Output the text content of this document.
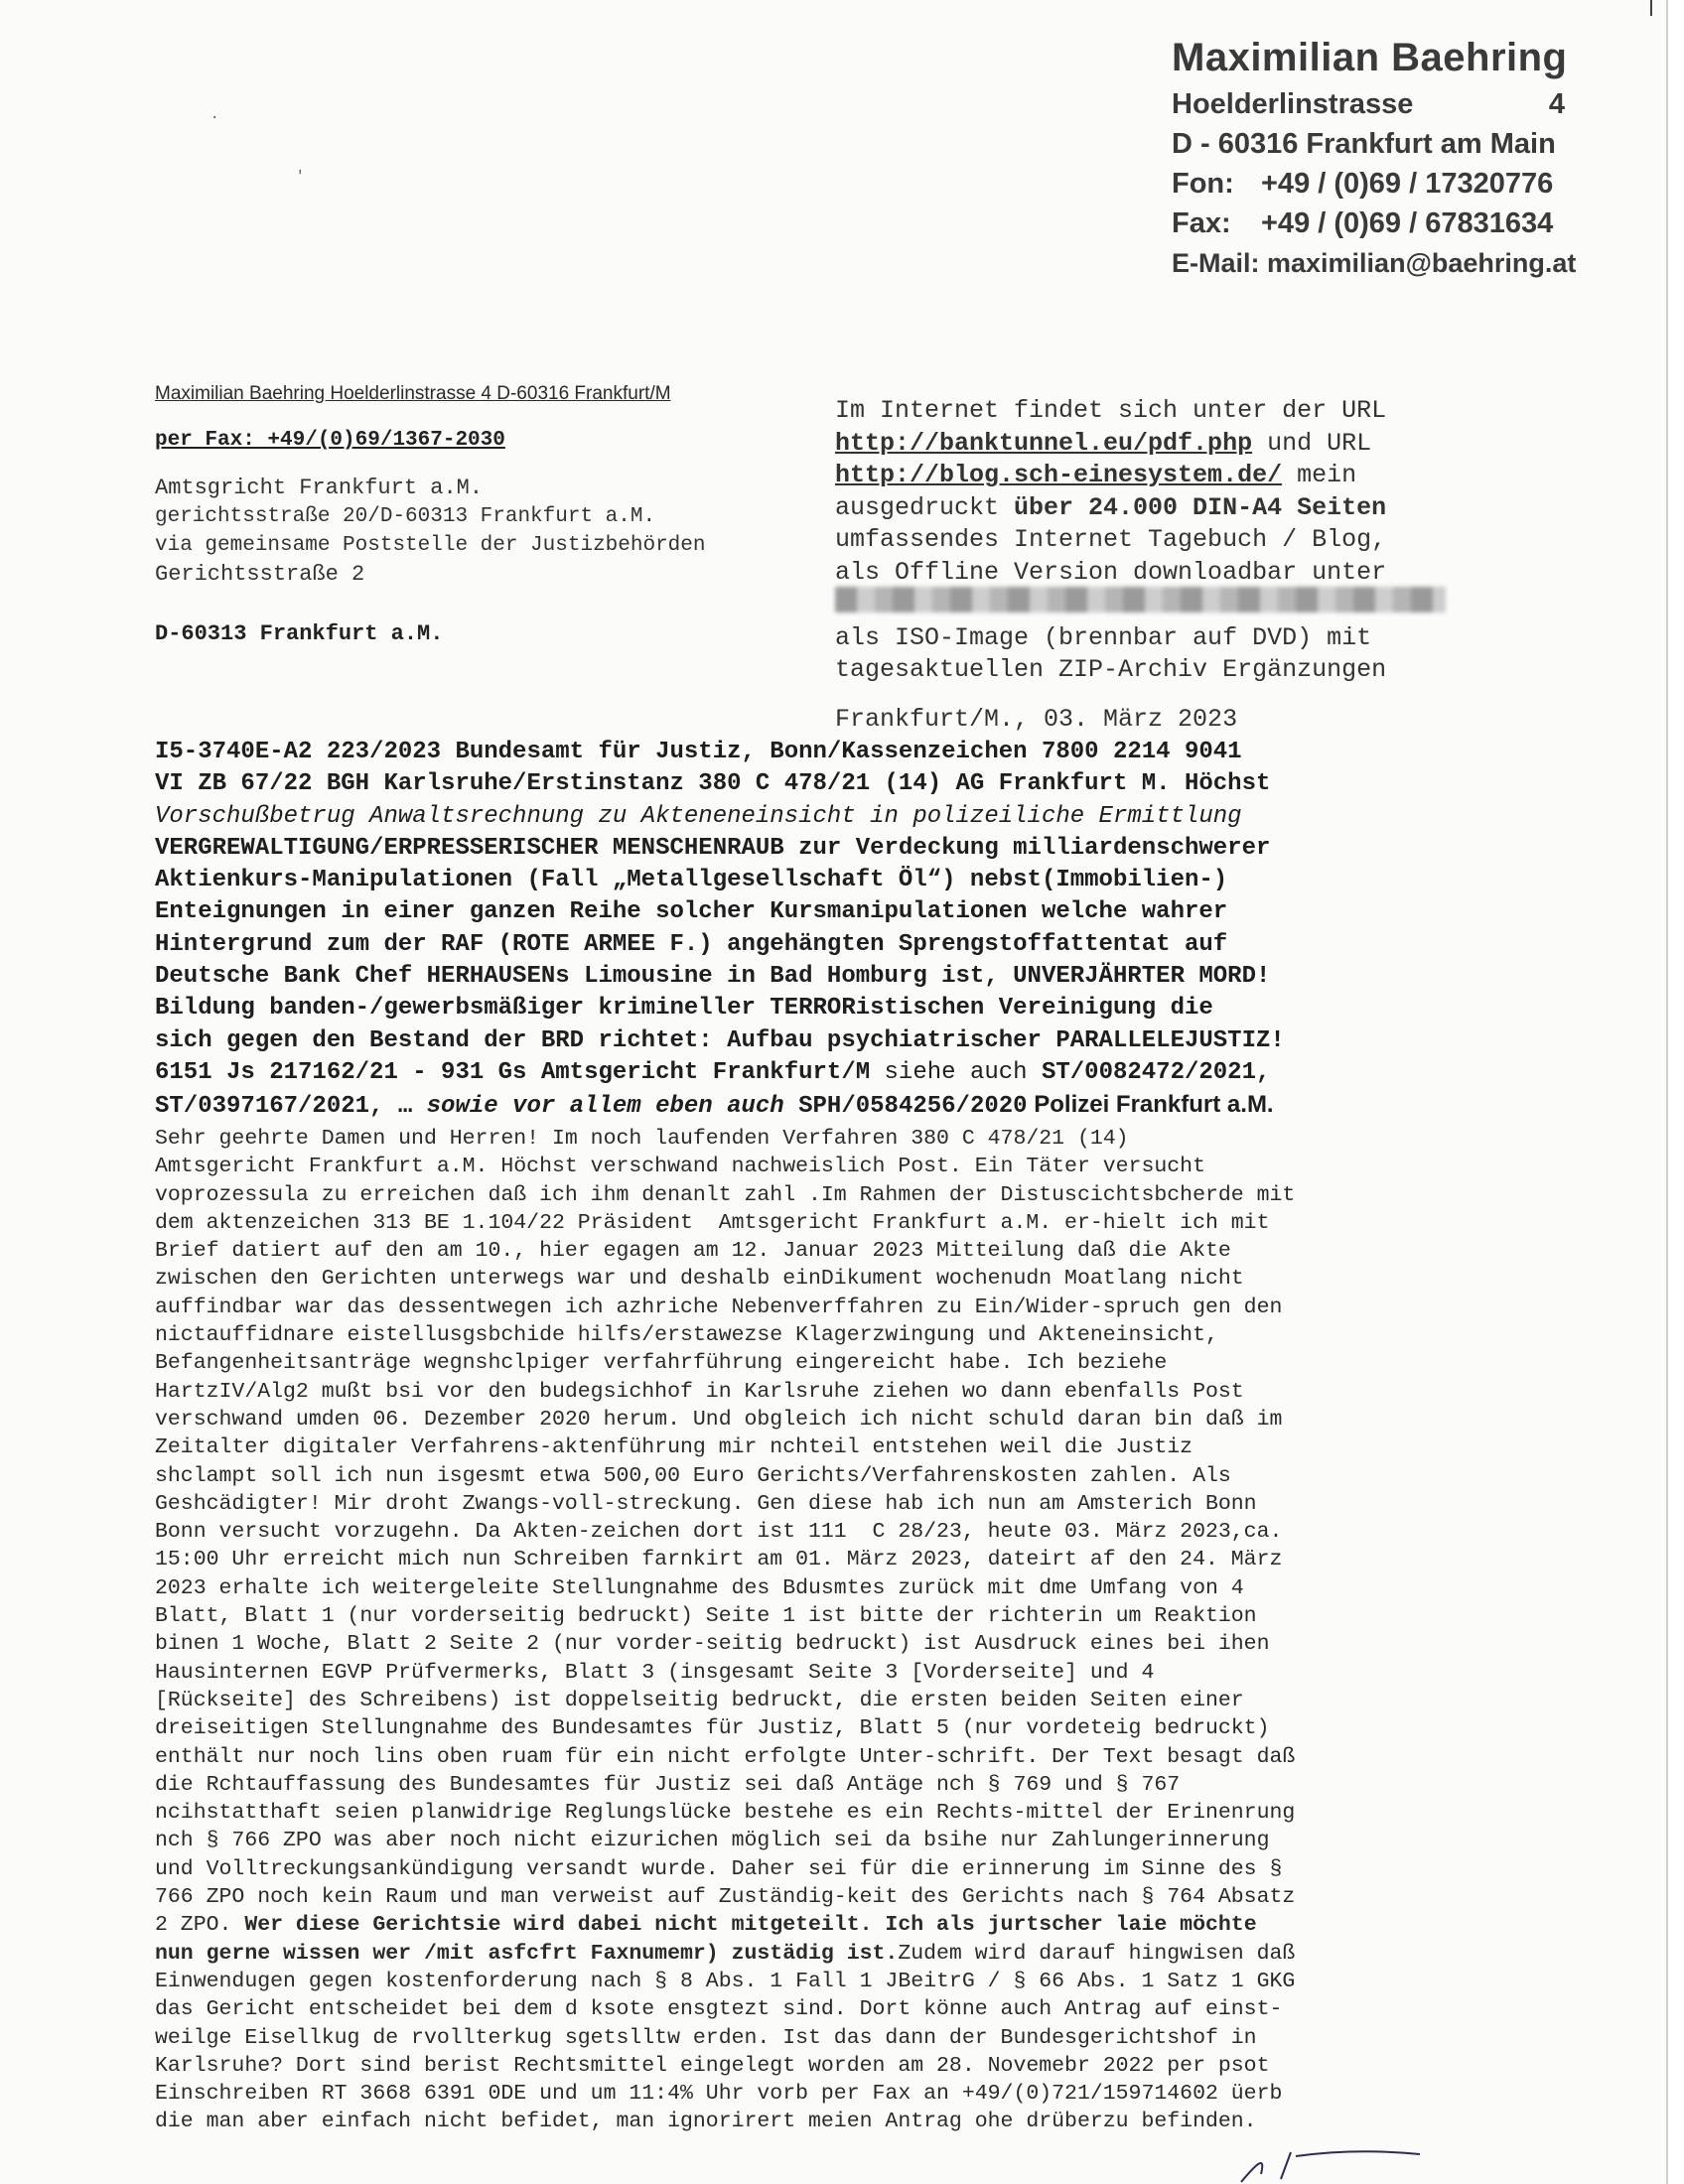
.
'
Maximilian Baehring
Hoelderlinstrasse	4
D - 60316 Frankfurt am Main
Fon: +49 / (0)69 / 17320776
Fax: +49 / (0)69 / 67831634
E-Mail: maximilian@baehring.at
Maximilian Baehring Hoelderlinstrasse 4 D-60316 Frankfurt/M
per Fax: +49/(0)69/1367-2030
Amtsgricht Frankfurt a.M.
gerichtsstraße 20/D-60313 Frankfurt a.M.
via gemeinsame Poststelle der Justizbehörden
Gerichtsstraße 2
D-60313 Frankfurt a.M.
Im Internet findet sich unter der URL
http://banktunnel.eu/pdf.php und URL
http://blog.sch-einesystem.de/ mein
ausgedruckt über 24.000 DIN-A4 Seiten
umfassendes Internet Tagebuch / Blog,
als Offline Version downloadbar unter
als ISO-Image (brennbar auf DVD) mit
tagesaktuellen ZIP-Archiv Ergänzungen
Frankfurt/M., 03. März 2023
I5-3740E-A2 223/2023 Bundesamt für Justiz, Bonn/Kassenzeichen 7800 2214 9041
VI ZB 67/22 BGH Karlsruhe/Erstinstanz 380 C 478/21 (14) AG Frankfurt M. Höchst
Vorschußbetrug Anwaltsrechnung zu Akteneneinsicht in polizeiliche Ermittlung
VERGREWALTIGUNG/ERPRESSERISCHER MENSCHENRAUB zur Verdeckung milliardenschwerer
Aktienkurs-Manipulationen (Fall „Metallgesellschaft Öl“) nebst(Immobilien-)
Enteignungen in einer ganzen Reihe solcher Kursmanipulationen welche wahrer
Hintergrund zum der RAF (ROTE ARMEE F.) angehängten Sprengstoffattentat auf
Deutsche Bank Chef HERHAUSENs Limousine in Bad Homburg ist, UNVERJÄHRTER MORD!
Bildung banden-/gewerbsmäßiger krimineller TERRORistischen Vereinigung die
sich gegen den Bestand der BRD richtet: Aufbau psychiatrischer PARALLELEJUSTIZ!
6151 Js 217162/21 - 931 Gs Amtsgericht Frankfurt/M siehe auch ST/0082472/2021,
ST/0397167/2021, … sowie vor allem eben auch SPH/0584256/2020 Polizei Frankfurt a.M.
Sehr geehrte Damen und Herren! Im noch laufenden Verfahren 380 C 478/21 (14)
Amtsgericht Frankfurt a.M. Höchst verschwand nachweislich Post. Ein Täter versucht
voprozessula zu erreichen daß ich ihm denanlt zahl .Im Rahmen der Distuscichtsbcherde mit
dem aktenzeichen 313 BE 1.104/22 Präsident  Amtsgericht Frankfurt a.M. er-hielt ich mit
Brief datiert auf den am 10., hier egagen am 12. Januar 2023 Mitteilung daß die Akte
zwischen den Gerichten unterwegs war und deshalb einDikument wochenudn Moatlang nicht
auffindbar war das dessentwegen ich azhriche Nebenverffahren zu Ein/Wider-spruch gen den
nictauffidnare eistellusgsbchide hilfs/erstawezse Klagerzwingung und Akteneinsicht,
Befangenheitsanträge wegnshclpiger verfahrführung eingereicht habe. Ich beziehe
HartzIV/Alg2 mußt bsi vor den budegsichhof in Karlsruhe ziehen wo dann ebenfalls Post
verschwand umden 06. Dezember 2020 herum. Und obgleich ich nicht schuld daran bin daß im
Zeitalter digitaler Verfahrens-aktenführung mir nchteil entstehen weil die Justiz
shclampt soll ich nun isgesmt etwa 500,00 Euro Gerichts/Verfahrenskosten zahlen. Als
Geshcädigter! Mir droht Zwangs-voll-streckung. Gen diese hab ich nun am Amsterich Bonn
Bonn versucht vorzugehn. Da Akten-zeichen dort ist 111  C 28/23, heute 03. März 2023,ca.
15:00 Uhr erreicht mich nun Schreiben farnkirt am 01. März 2023, dateirt af den 24. März
2023 erhalte ich weitergeleite Stellungnahme des Bdusmtes zurück mit dme Umfang von 4
Blatt, Blatt 1 (nur vorderseitig bedruckt) Seite 1 ist bitte der richterin um Reaktion
binen 1 Woche, Blatt 2 Seite 2 (nur vorder-seitig bedruckt) ist Ausdruck eines bei ihen
Hausinternen EGVP Prüfvermerks, Blatt 3 (insgesamt Seite 3 [Vorderseite] und 4
[Rückseite] des Schreibens) ist doppelseitig bedruckt, die ersten beiden Seiten einer
dreiseitigen Stellungnahme des Bundesamtes für Justiz, Blatt 5 (nur vordeteig bedruckt)
enthält nur noch lins oben ruam für ein nicht erfolgte Unter-schrift. Der Text besagt daß
die Rchtauffassung des Bundesamtes für Justiz sei daß Antäge nch § 769 und § 767
ncihstatthaft seien planwidrige Reglungslücke bestehe es ein Rechts-mittel der Erinenrung
nch § 766 ZPO was aber noch nicht eizurichen möglich sei da bsihe nur Zahlungerinnerung
und Volltreckungsankündigung versandt wurde. Daher sei für die erinnerung im Sinne des §
766 ZPO noch kein Raum und man verweist auf Zuständig-keit des Gerichts nach § 764 Absatz
2 ZPO. Wer diese Gerichtsie wird dabei nicht mitgeteilt. Ich als jurtscher laie möchte
nun gerne wissen wer /mit asfcfrt Faxnumemr) zustädig ist.Zudem wird darauf hingwisen daß
Einwendugen gegen kostenforderung nach § 8 Abs. 1 Fall 1 JBeitrG / § 66 Abs. 1 Satz 1 GKG
das Gericht entscheidet bei dem d ksote ensgtezt sind. Dort könne auch Antrag auf einst-
weilge Eisellkug de rvollterkug sgetslltw erden. Ist das dann der Bundesgerichtshof in
Karlsruhe? Dort sind berist Rechtsmittel eingelegt worden am 28. Novemebr 2022 per psot
Einschreiben RT 3668 6391 0DE und um 11:4% Uhr vorb per Fax an +49/(0)721/159714602 üerb
die man aber einfach nicht befidet, man ignorirert meien Antrag ohe drüberzu befinden.
